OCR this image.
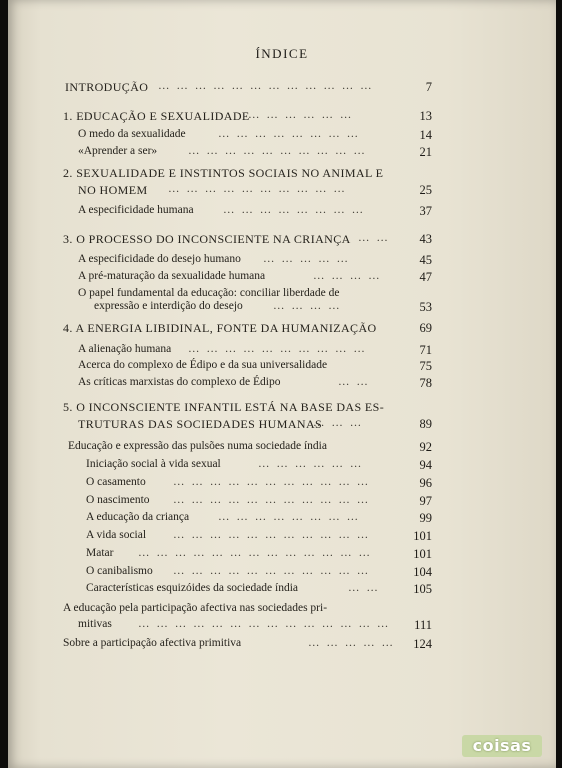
ÍNDICE
INTRODUÇÃO … … … … … … … … … … … …	7
1. EDUCAÇÃO E SEXUALIDADE
… … … … … …	13
O medo da sexualidade	… … … … … … … …	14
«Aprender a ser»	… … … … … … … … … …	21
2. SEXUALIDADE E INSTINTOS SOCIAIS NO ANIMAL E
NO HOMEM … … … … … … … … … …	25
A especificidade humana	… … … … … … … …	37
3. O PROCESSO DO INCONSCIENTE NA CRIANÇA … … 43
A especificidade do desejo humano … … … … …	45
A pré-maturação da sexualidade humana	… … … …	47
O papel fundamental da educação: conciliar liberdade de
expressão e interdição do desejo	… … … …	53
4. A ENERGIA LIBIDINAL, FONTE DA HUMANIZAÇÃO	69
A alienação humana … … … … … … … … … …	71
Acerca do complexo de Édipo e da sua universalidade	75
As críticas marxistas do complexo de Édipo	… …	78
5. O INCONSCIENTE INFANTIL ESTÁ NA BASE DAS ES-
TRUTURAS DAS SOCIEDADES HUMANAS
… … …	89
Educação e expressão das pulsões numa sociedade índia	92
Iniciação social à vida sexual	… … … … … …	94
O casamento … … … … … … … … … … …	96
O nascimento … … … … … … … … … … …	97
A educação da criança	… … … … … … … …	99
A vida social … … … … … … … … … … …	101
Matar … … … … … … … … … … … … …	101
O canibalismo … … … … … … … … … … …	104
Características esquizóides da sociedade índia	… …	105
A educação pela participação afectiva nas sociedades pri-
mitivas … … … … … … … … … … … … … … 111
Sobre a participação afectiva primitiva	… … … … … 124
coisas
